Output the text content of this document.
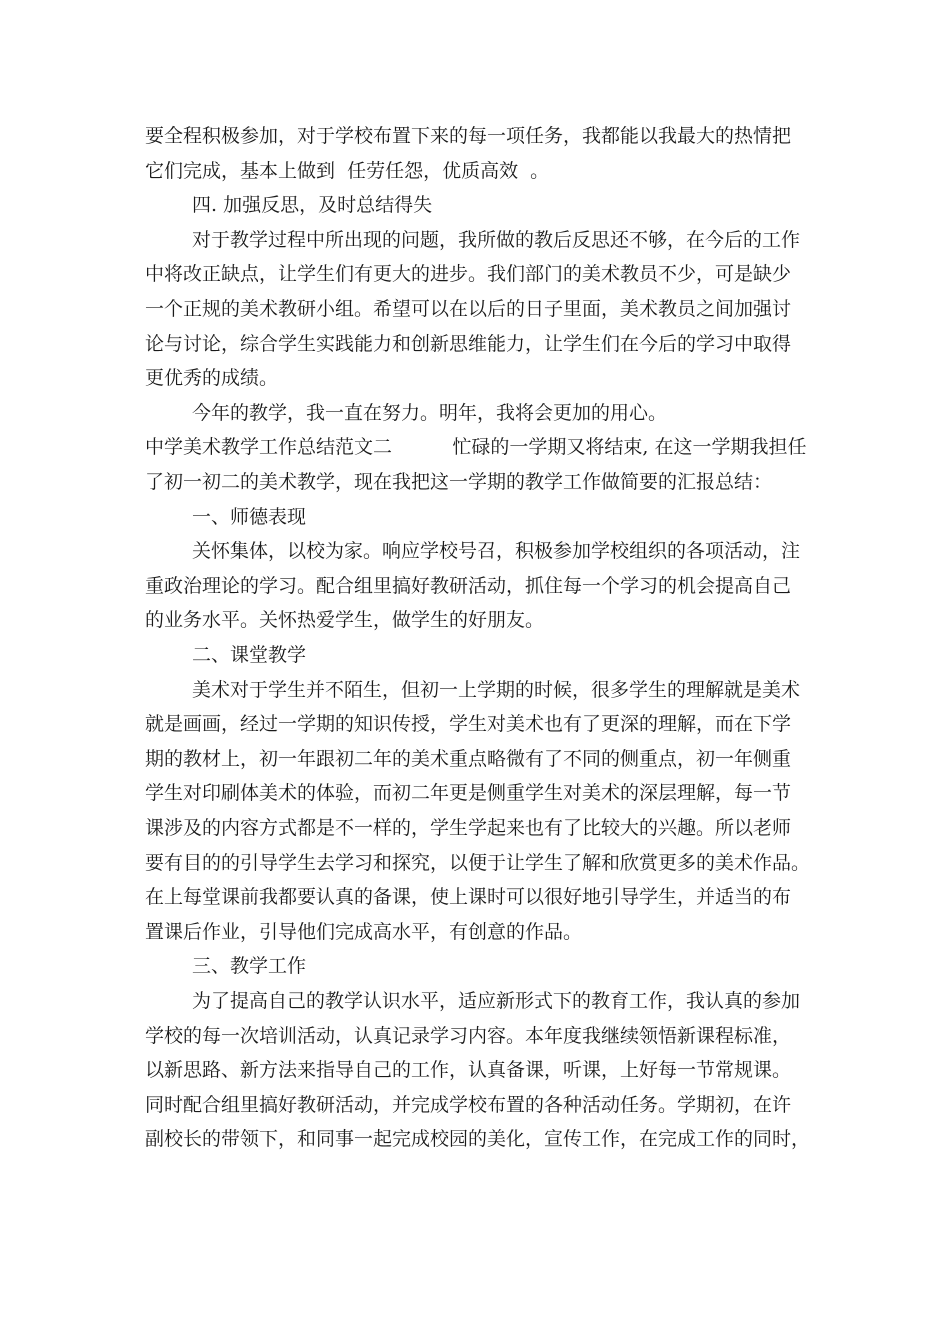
要全程积极参加，对于学校布置下来的每一项任务，我都能以我最大的热情把
它们完成，基本上做到  任劳任怨，优质高效  。
四. 加强反思，及时总结得失
对于教学过程中所出现的问题，我所做的教后反思还不够，在今后的工作
中将改正缺点，让学生们有更大的进步。我们部门的美术教员不少，可是缺少
一个正规的美术教研小组。希望可以在以后的日子里面，美术教员之间加强讨
论与讨论，综合学生实践能力和创新思维能力，让学生们在今后的学习中取得
更优秀的成绩。
今年的教学，我一直在努力。明年，我将会更加的用心。
中学美术教学工作总结范文二          忙碌的一学期又将结束, 在这一学期我担任
了初一初二的美术教学，现在我把这一学期的教学工作做简要的汇报总结：
一、师德表现
关怀集体，以校为家。响应学校号召，积极参加学校组织的各项活动，注
重政治理论的学习。配合组里搞好教研活动，抓住每一个学习的机会提高自己
的业务水平。关怀热爱学生，做学生的好朋友。
二、课堂教学
美术对于学生并不陌生，但初一上学期的时候，很多学生的理解就是美术
就是画画，经过一学期的知识传授，学生对美术也有了更深的理解，而在下学
期的教材上，初一年跟初二年的美术重点略微有了不同的侧重点，初一年侧重
学生对印刷体美术的体验，而初二年更是侧重学生对美术的深层理解，每一节
课涉及的内容方式都是不一样的，学生学起来也有了比较大的兴趣。所以老师
要有目的的引导学生去学习和探究，以便于让学生了解和欣赏更多的美术作品。
在上每堂课前我都要认真的备课，使上课时可以很好地引导学生，并适当的布
置课后作业，引导他们完成高水平，有创意的作品。
三、教学工作
为了提高自己的教学认识水平，适应新形式下的教育工作，我认真的参加
学校的每一次培训活动，认真记录学习内容。本年度我继续领悟新课程标准，
以新思路、新方法来指导自己的工作，认真备课，听课，上好每一节常规课。
同时配合组里搞好教研活动，并完成学校布置的各种活动任务。学期初，在许
副校长的带领下，和同事一起完成校园的美化，宣传工作，在完成工作的同时，
